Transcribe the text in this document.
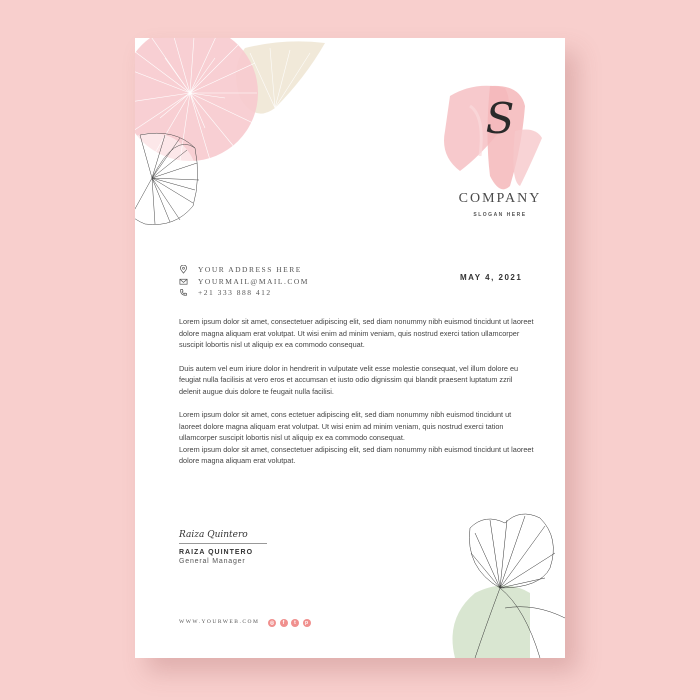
S
COMPANY
SLOGAN HERE
YOUR ADDRESS HERE
YOURMAIL@MAIL.COM
+21 333 888 412
MAY 4, 2021

Lorem ipsum dolor sit amet, consectetuer adipiscing elit, sed diam nonummy nibh euismod tincidunt ut laoreet dolore magna aliquam erat volutpat. Ut wisi enim ad minim veniam, quis nostrud exerci tation ullamcorper suscipit lobortis nisl ut aliquip ex ea commodo consequat.

Duis autem vel eum iriure dolor in hendrerit in vulputate velit esse molestie consequat, vel illum dolore eu feugiat nulla facilisis at vero eros et accumsan et iusto odio dignissim qui blandit praesent luptatum zzril delenit augue duis dolore te feugait nulla facilisi.

Lorem ipsum dolor sit amet, cons ectetuer adipiscing elit, sed diam nonummy nibh euismod tincidunt ut laoreet dolore magna aliquam erat volutpat. Ut wisi enim ad minim veniam, quis nostrud exerci tation ullamcorper suscipit lobortis nisl ut aliquip ex ea commodo consequat.
Lorem ipsum dolor sit amet, consectetuer adipiscing elit, sed diam nonummy nibh euismod tincidunt ut laoreet dolore magna aliquam erat volutpat.

Raiza Quintero
RAIZA QUINTERO
General Manager
WWW.YOURWEB.COM	◎	f	t	p
